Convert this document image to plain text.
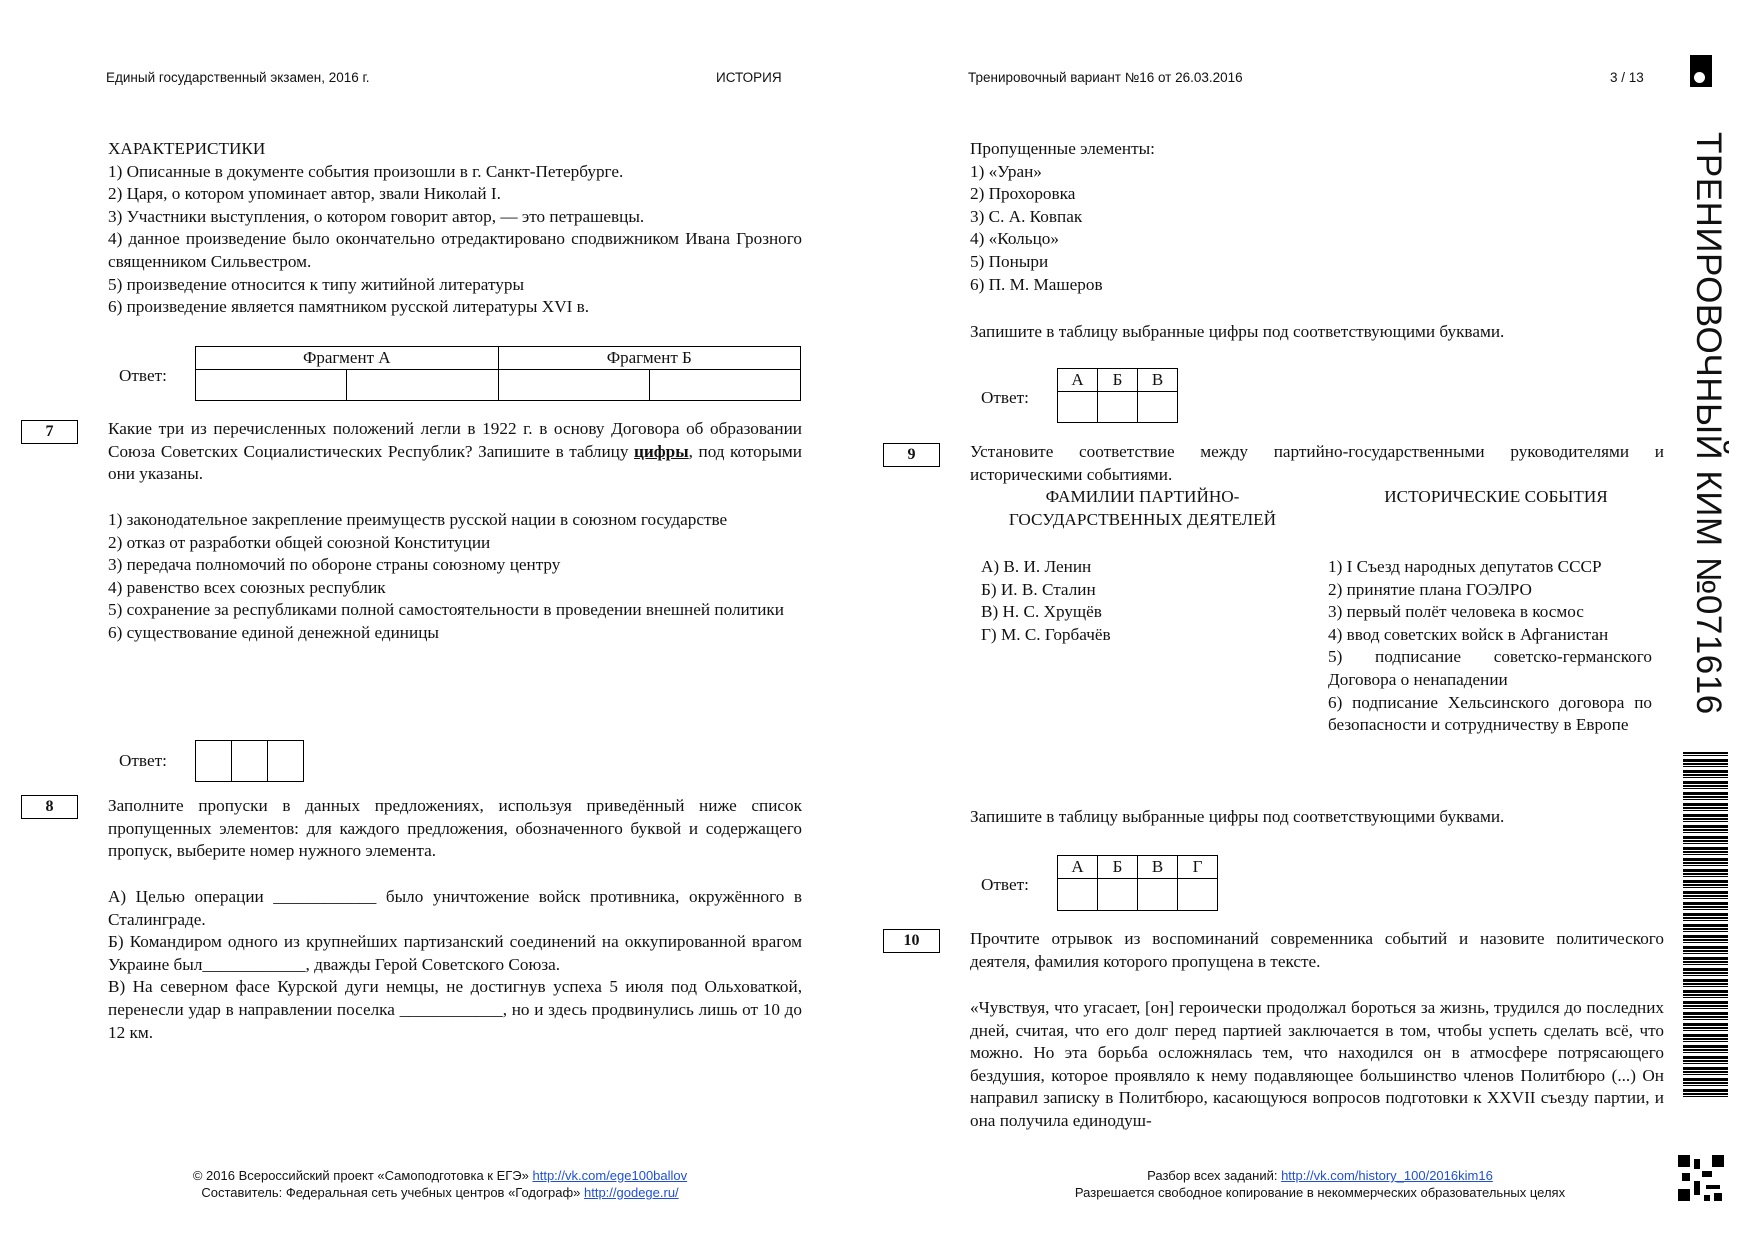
Единый государственный экзамен, 2016 г.	ИСТОРИЯ	Тренировочный вариант №16 от 26.03.2016	3 / 13
ТРЕНИРОВОЧНЫЙ КИМ №071616

ХАРАКТЕРИСТИКИ

1) Описанные в документе события произошли в г. Санкт-Петербурге.

2) Царя, о котором упоминает автор, звали Николай I.

3) Участники выступления, о котором говорит автор, — это петрашевцы.

4) данное произведение было окончательно отредактировано сподвижником Ивана Грозного священником Сильвестром.

5) произведение относится к типу житийной литературы

6) произведение является памятником русской литературы XVI в.

Ответ:
Фрагмент А		Фрагмент Б	

7	Какие три из перечисленных положений легли в 1922 г. в основу Договора об образовании Союза Советских Социалистических Республик? Запишите в таблицу цифры, под которыми они указаны.

1) законодательное закрепление преимуществ русской нации в союзном государстве

2) отказ от разработки общей союзной Конституции

3) передача полномочий по обороне страны союзному центру

4) равенство всех союзных республик

5) сохранение за республиками полной самостоятельности в проведении внешней политики

6) существование единой денежной единицы

Ответ:

8	Заполните пропуски в данных предложениях, используя приведённый ниже список пропущенных элементов: для каждого предложения, обозначенного буквой и содержащего пропуск, выберите номер нужного элемента.

А) Целью операции ____________ было уничтожение войск противника, окружённого в Сталинграде.

Б) Командиром одного из крупнейших партизанский соединений на оккупированной врагом Украине был____________, дважды Герой Советского Союза.

В) На северном фасе Курской дуги немцы, не достигнув успеха 5 июля под Ольховаткой, перенесли удар в направлении поселка ____________, но и здесь продвинулись лишь от 10 до 12 км.

Пропущенные элементы:

1) «Уран»

2) Прохоровка

3) С. А. Ковпак

4) «Кольцо»

5) Поныри

6) П. М. Машеров

Запишите в таблицу выбранные цифры под соответствующими буквами.
Ответ:
А	Б	В

9	Установите соответствие между партийно-государственными руководителями и историческими событиями.
ФАМИЛИИ ПАРТИЙНО-ГОСУДАРСТВЕННЫХ ДЕЯТЕЛЕЙ
ИСТОРИЧЕСКИЕ СОБЫТИЯ

А) В. И. Ленин

Б) И. В. Сталин

В) Н. С. Хрущёв

Г) М. С. Горбачёв

1) I Съезд народных депутатов СССР

2) принятие плана ГОЭЛРО

3) первый полёт человека в космос

4) ввод советских войск в Афганистан

5) подписание советско-германского Договора о ненападении

6) подписание Хельсинского договора по безопасности и сотрудничеству в Европе

Запишите в таблицу выбранные цифры под соответствующими буквами.
Ответ:
А	Б	В	Г

10	Прочтите отрывок из воспоминаний современника событий и назовите политического деятеля, фамилия которого пропущена в тексте.
«Чувствуя, что угасает, [он] героически продолжал бороться за жизнь, трудился до последних дней, считая, что его долг перед партией заключается в том, чтобы успеть сделать всё, что можно. Но эта борьба осложнялась тем, что находился он в атмосфере потрясающего бездушия, которое проявляло к нему подавляющее большинство членов Политбюро (...) Он направил записку в Политбюро, касающуюся вопросов подготовки к XXVII съезду партии, и она получила единодуш-
© 2016 Всероссийский проект «Самоподготовка к ЕГЭ» http://vk.com/ege100ballov
Составитель: Федеральная сеть учебных центров «Годограф» http://godege.ru/
Разбор всех заданий: http://vk.com/history_100/2016kim16
Разрешается свободное копирование в некоммерческих образовательных целях
